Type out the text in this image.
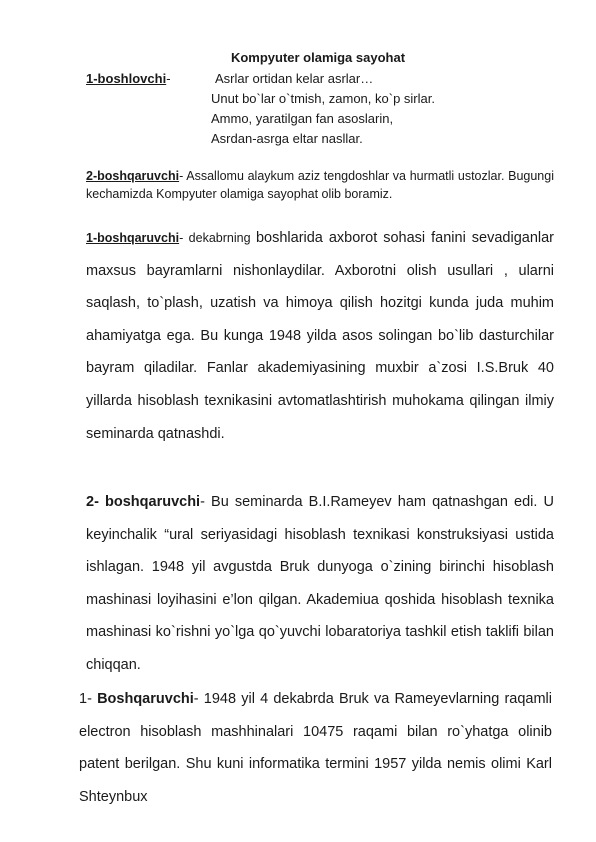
Kompyuter olamiga sayohat
1-boshlovchi-	Asrlar ortidan kelar asrlar…
Unut bo`lar o`tmish, zamon, ko`p sirlar.
Ammo, yaratilgan fan asoslarin,
Asrdan-asrga eltar nasllar.
2-boshqaruvchi- Assallomu alaykum aziz tengdoshlar va hurmatli ustozlar. Bugungi kechamizda Kompyuter olamiga sayophat olib boramiz.
1-boshqaruvchi- dekabrning boshlarida axborot sohasi fanini sevadiganlar maxsus bayramlarni nishonlaydilar. Axborotni olish usullari , ularni saqlash, to`plash, uzatish va himoya qilish hozitgi kunda juda muhim ahamiyatga ega. Bu kunga 1948 yilda asos solingan bo`lib dasturchilar bayram qiladilar. Fanlar akademiyasining muxbir a`zosi I.S.Bruk 40 yillarda hisoblash texnikasini avtomatlashtirish muhokama qilingan ilmiy seminarda qatnashdi.
2- boshqaruvchi- Bu seminarda B.I.Rameyev ham qatnashgan edi. U keyinchalik “ural seriyasidagi hisoblash texnikasi konstruksiyasi ustida ishlagan. 1948 yil avgustda Bruk dunyoga o`zining birinchi hisoblash mashinasi loyihasini e’lon qilgan. Akademiua qoshida hisoblash texnika mashinasi ko`rishni yo`lga qo`yuvchi lobaratoriya tashkil etish taklifi bilan chiqqan.
1- Boshqaruvchi- 1948 yil 4 dekabrda Bruk va Rameyevlarning raqamli electron hisoblash mashhinalari 10475 raqami bilan ro`yhatga olinib patent berilgan. Shu kuni informatika termini 1957 yilda nemis olimi Karl Shteynbux
